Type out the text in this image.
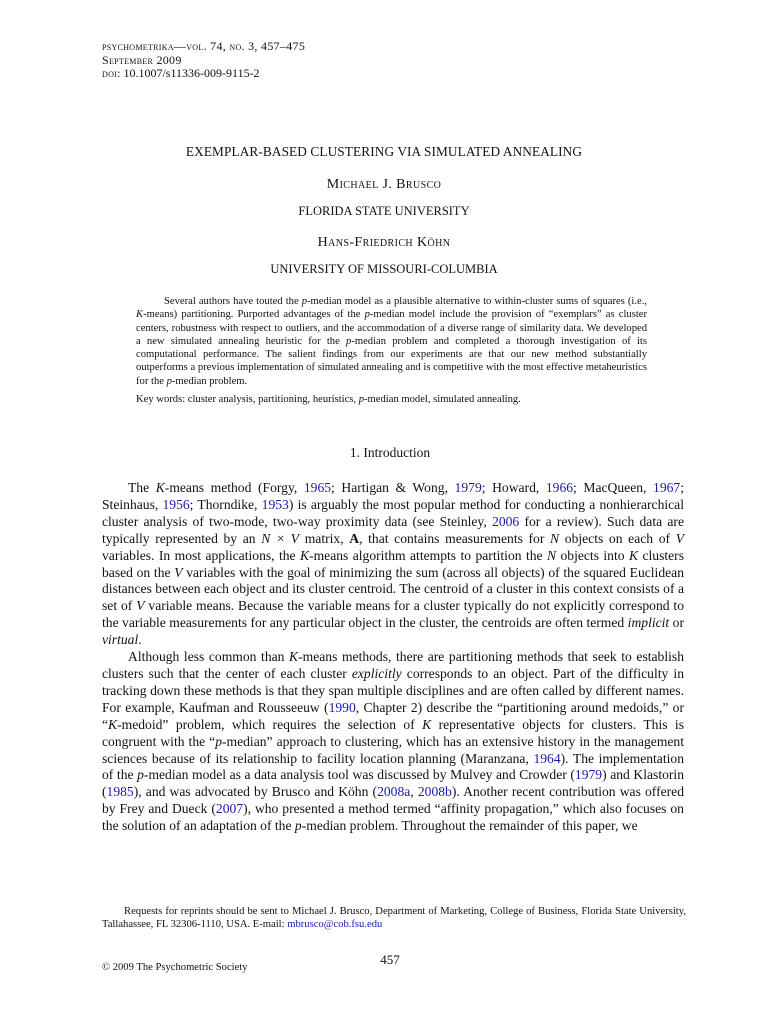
psychometrika—vol. 74, no. 3, 457–475
September 2009
doi: 10.1007/s11336-009-9115-2
EXEMPLAR-BASED CLUSTERING VIA SIMULATED ANNEALING
Michael J. Brusco
FLORIDA STATE UNIVERSITY
Hans-Friedrich Köhn
UNIVERSITY OF MISSOURI-COLUMBIA
Several authors have touted the p-median model as a plausible alternative to within-cluster sums of squares (i.e., K-means) partitioning. Purported advantages of the p-median model include the provision of “exemplars” as cluster centers, robustness with respect to outliers, and the accommodation of a diverse range of similarity data. We developed a new simulated annealing heuristic for the p-median problem and completed a thorough investigation of its computational performance. The salient findings from our experiments are that our new method substantially outperforms a previous implementation of simulated annealing and is competitive with the most effective metaheuristics for the p-median problem.
Key words: cluster analysis, partitioning, heuristics, p-median model, simulated annealing.
1. Introduction

The K-means method (Forgy, 1965; Hartigan & Wong, 1979; Howard, 1966; MacQueen, 1967; Steinhaus, 1956; Thorndike, 1953) is arguably the most popular method for conducting a nonhierarchical cluster analysis of two-mode, two-way proximity data (see Steinley, 2006 for a review). Such data are typically represented by an N × V matrix, A, that contains measurements for N objects on each of V variables. In most applications, the K-means algorithm attempts to partition the N objects into K clusters based on the V variables with the goal of minimizing the sum (across all objects) of the squared Euclidean distances between each object and its cluster centroid. The centroid of a cluster in this context consists of a set of V variable means. Because the variable means for a cluster typically do not explicitly correspond to the variable measurements for any particular object in the cluster, the centroids are often termed implicit or virtual.

Although less common than K-means methods, there are partitioning methods that seek to establish clusters such that the center of each cluster explicitly corresponds to an object. Part of the difficulty in tracking down these methods is that they span multiple disciplines and are often called by different names. For example, Kaufman and Rousseeuw (1990, Chapter 2) describe the “partitioning around medoids,” or “K-medoid” problem, which requires the selection of K representative objects for clusters. This is congruent with the “p-median” approach to clustering, which has an extensive history in the management sciences because of its relationship to facility location planning (Maranzana, 1964). The implementation of the p-median model as a data analysis tool was discussed by Mulvey and Crowder (1979) and Klastorin (1985), and was advocated by Brusco and Köhn (2008a, 2008b). Another recent contribution was offered by Frey and Dueck (2007), who presented a method termed “affinity propagation,” which also focuses on the solution of an adaptation of the p-median problem. Throughout the remainder of this paper, we

Requests for reprints should be sent to Michael J. Brusco, Department of Marketing, College of Business, Florida State University, Tallahassee, FL 32306-1110, USA. E-mail: mbrusco@cob.fsu.edu
457
© 2009 The Psychometric Society
